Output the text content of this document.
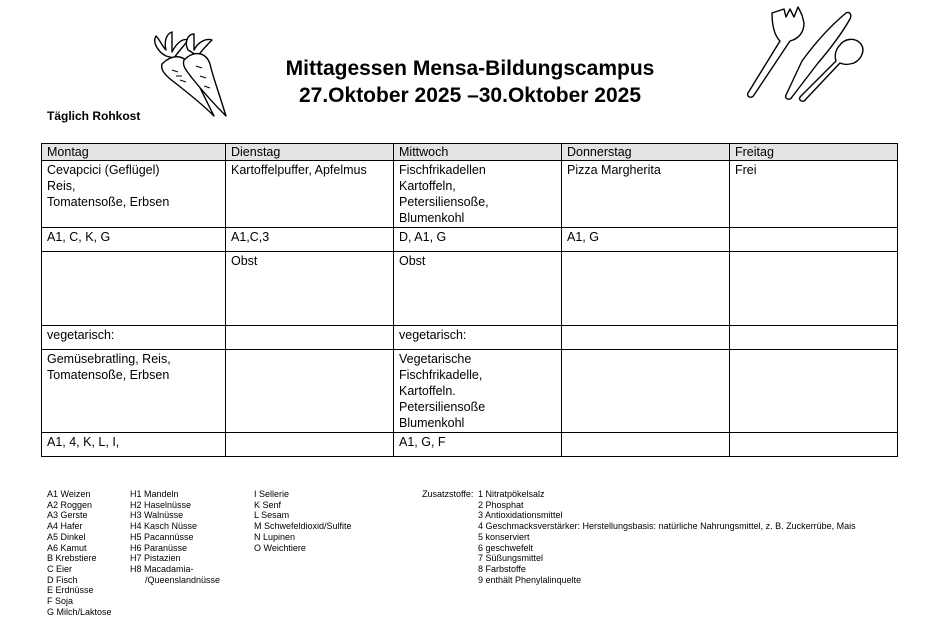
Mittagessen Mensa-Bildungscampus
27.Oktober 2025 –30.Oktober 2025
Täglich Rohkost
Montag	Dienstag	Mittwoch	Donnerstag	Freitag

Cevapcici (Geflügel)
Reis,
Tomatensoße, Erbsen	Kartoffelpuffer, Apfelmus	Fischfrikadellen
Kartoffeln,
Petersiliensoße,
Blumenkohl	Pizza Margherita	Frei

A1, C, K, G	A1,C,3	D, A1, G	A1, G	

	Obst	Obst		

vegetarisch:		vegetarisch:		

Gemüsebratling, Reis,
Tomatensoße, Erbsen		Vegetarische
Fischfrikadelle,
Kartoffeln.
Petersiliensoße
Blumenkohl		

A1, 4, K, L, I,		A1, G, F		

A1 Weizen
A2 Roggen
A3 Gerste
A4 Hafer
A5 Dinkel
A6 Kamut
B Krebstiere
C Eier
D Fisch
E Erdnüsse
F Soja
G Milch/Laktose
H1 Mandeln
H2 Haselnüsse
H3 Walnüsse
H4 Kasch Nüsse
H5 Pacannüsse
H6 Paranüsse
H7 Pistazien
H8 Macadamia-
/Queenslandnüsse
I Sellerie
K Senf
L Sesam
M Schwefeldioxid/Sulfite
N Lupinen
O Weichtiere
Zusatzstoffe: 1 Nitratpökelsalz
2 Phosphat
3 Antioxidationsmittel
4 Geschmacksverstärker: Herstellungsbasis: natürliche Nahrungsmittel, z. B. Zuckerrübe, Mais
5 konserviert
6 geschwefelt
7 Süßungsmittel
8 Farbstoffe
9 enthält Phenylalinquelte
